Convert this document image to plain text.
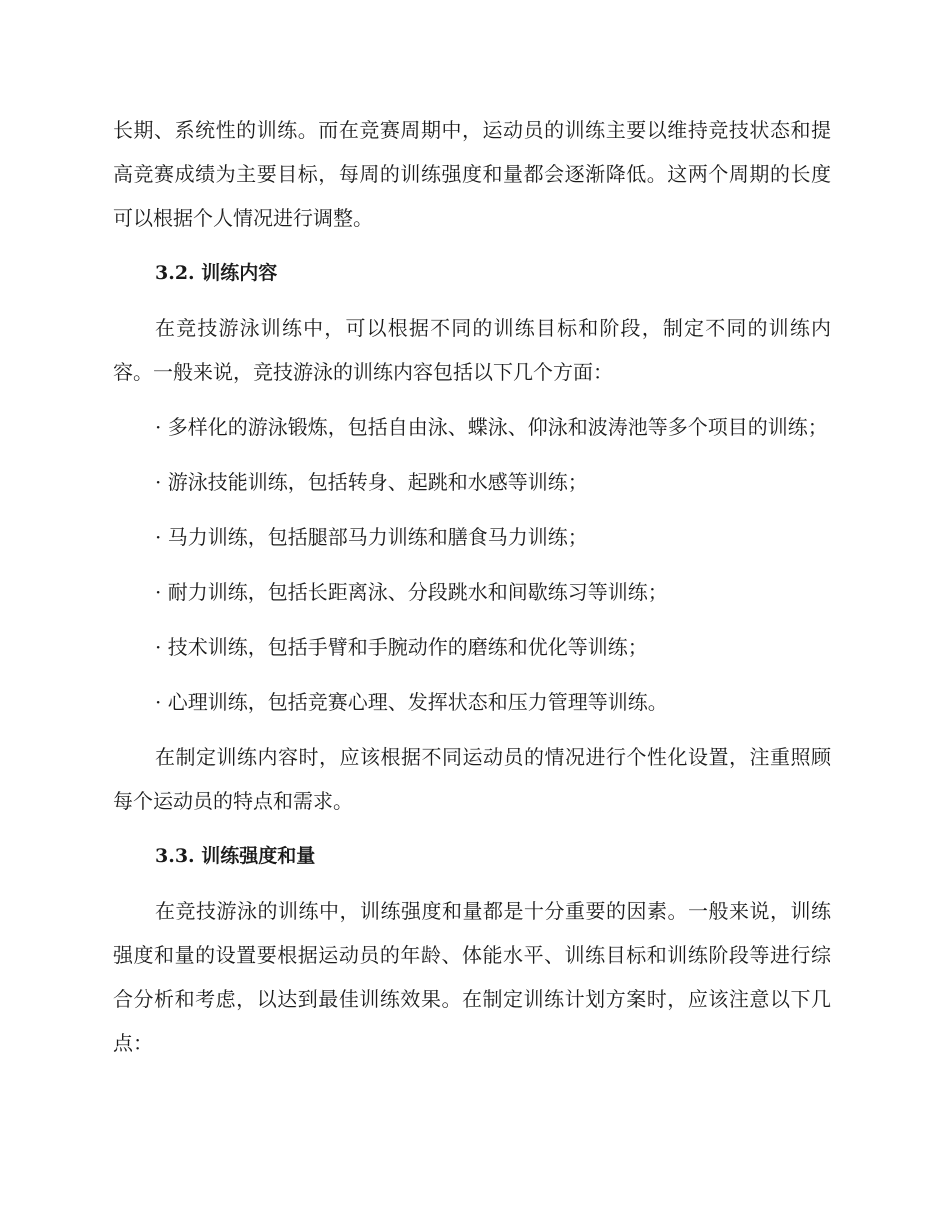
长期、系统性的训练。而在竞赛周期中，运动员的训练主要以维持竞技状态和提高竞赛成绩为主要目标，每周的训练强度和量都会逐渐降低。这两个周期的长度可以根据个人情况进行调整。

3.2. 训练内容

在竞技游泳训练中，可以根据不同的训练目标和阶段，制定不同的训练内容。一般来说，竞技游泳的训练内容包括以下几个方面：

· 多样化的游泳锻炼，包括自由泳、蝶泳、仰泳和波涛池等多个项目的训练；
· 游泳技能训练，包括转身、起跳和水感等训练；
· 马力训练，包括腿部马力训练和膳食马力训练；
· 耐力训练，包括长距离泳、分段跳水和间歇练习等训练；
· 技术训练，包括手臂和手腕动作的磨练和优化等训练；
· 心理训练，包括竞赛心理、发挥状态和压力管理等训练。

在制定训练内容时，应该根据不同运动员的情况进行个性化设置，注重照顾每个运动员的特点和需求。

3.3. 训练强度和量

在竞技游泳的训练中，训练强度和量都是十分重要的因素。一般来说，训练强度和量的设置要根据运动员的年龄、体能水平、训练目标和训练阶段等进行综合分析和考虑，以达到最佳训练效果。在制定训练计划方案时，应该注意以下几点：
